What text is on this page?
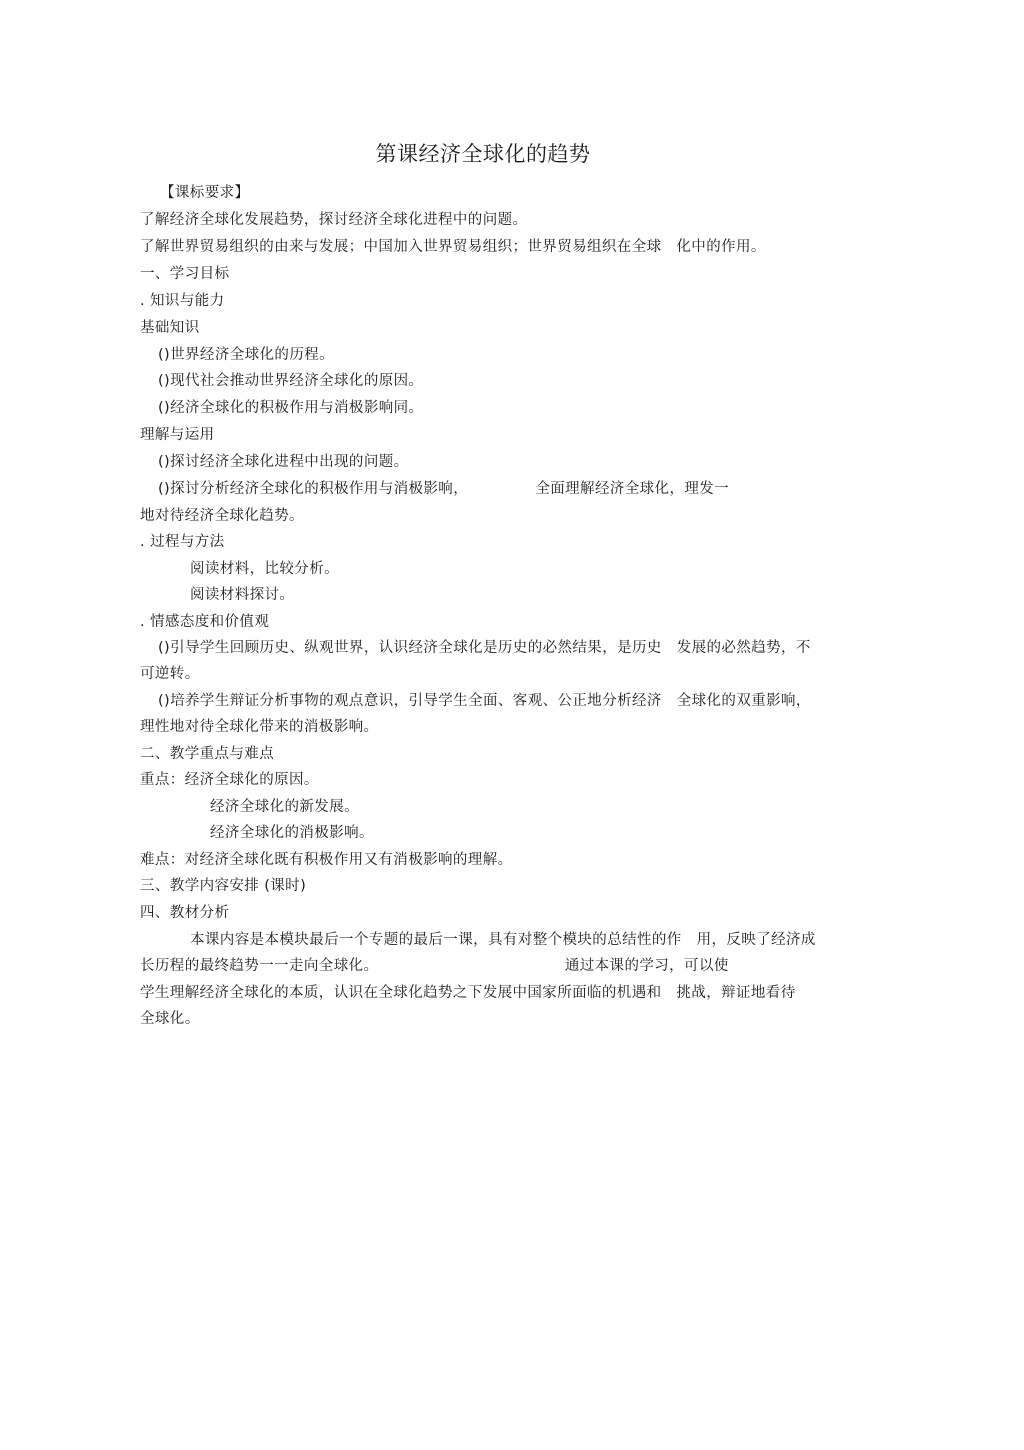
第课经济全球化的趋势
【课标要求】
了解经济全球化发展趋势，探讨经济全球化进程中的问题。
了解世界贸易组织的由来与发展；中国加入世界贸易组织；世界贸易组织在全球　化中的作用。
一、学习目标
. 知识与能力
基础知识
()世界经济全球化的历程。
()现代社会推动世界经济全球化的原因。
()经济全球化的积极作用与消极影响同。
理解与运用
()探讨经济全球化进程中出现的问题。
()探讨分析经济全球化的积极作用与消极影响，　　　　　全面理解经济全球化，理发一
地对待经济全球化趋势。
. 过程与方法
阅读材料，比较分析。
阅读材料探讨。
. 情感态度和价值观
()引导学生回顾历史、纵观世界，认识经济全球化是历史的必然结果，是历史　发展的必然趋势，不
可逆转。
()培养学生辩证分析事物的观点意识，引导学生全面、客观、公正地分析经济　全球化的双重影响，
理性地对待全球化带来的消极影响。
二、教学重点与难点
重点：经济全球化的原因。
经济全球化的新发展。
经济全球化的消极影响。
难点：对经济全球化既有积极作用又有消极影响的理解。
三、教学内容安排 (课时)
四、教材分析
本课内容是本模块最后一个专题的最后一课，具有对整个模块的总结性的作　用，反映了经济成
长历程的最终趋势一一走向全球化。　　　　　　　　　　　　　通过本课的学习，可以使
学生理解经济全球化的本质，认识在全球化趋势之下发展中国家所面临的机遇和　挑战，辩证地看待
全球化。
